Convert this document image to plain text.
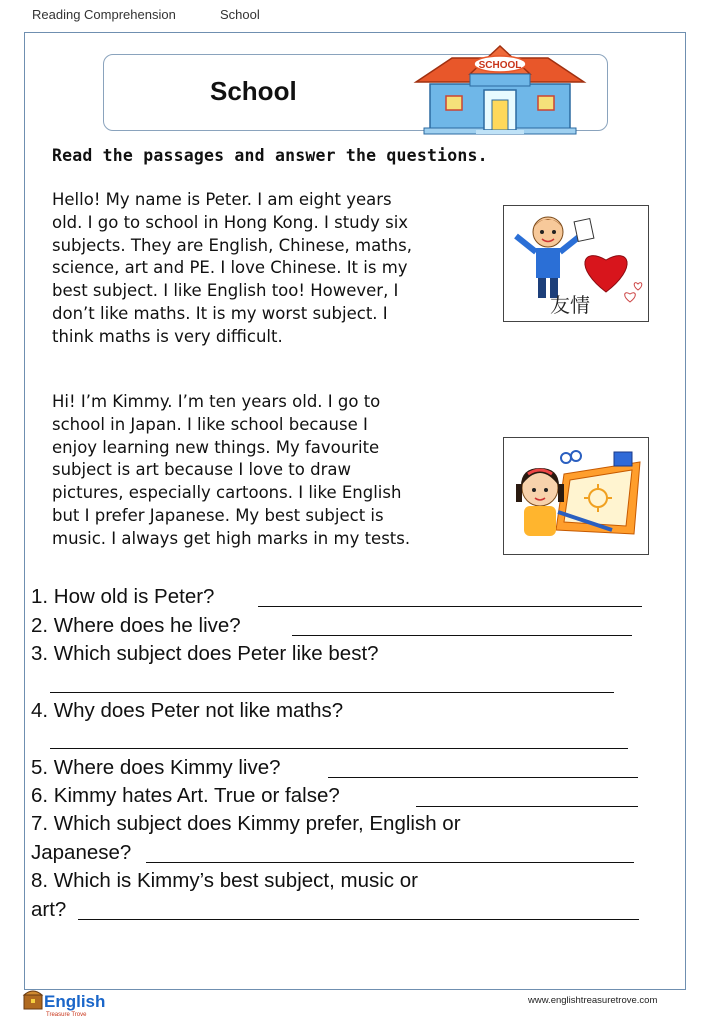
Reading Comprehension	School
School
SCHOOL
Read the passages and answer the questions.
Hello! My name is Peter. I am eight years
old. I go to school in Hong Kong. I study six
subjects. They are English, Chinese, maths,
science, art and PE. I love Chinese. It is my
best subject. I like English too! However, I
don’t like maths. It is my worst subject. I
think maths is very difficult.
友情
Hi! I’m Kimmy. I’m ten years old. I go to
school in Japan. I like school because I
enjoy learning new things. My favourite
subject is art because I love to draw
pictures, especially cartoons. I like English
but I prefer Japanese. My best subject is
music. I always get high marks in my tests.
1. How old is Peter?
2. Where does he live?
3. Which subject does Peter like best?
4. Why does Peter not like maths?
5. Where does Kimmy live?
6. Kimmy hates Art. True or false?
7. Which subject does Kimmy prefer, English or
Japanese?
8. Which is Kimmy’s best subject, music or
art?
English
Treasure Trove
www.englishtreasuretrove.com
